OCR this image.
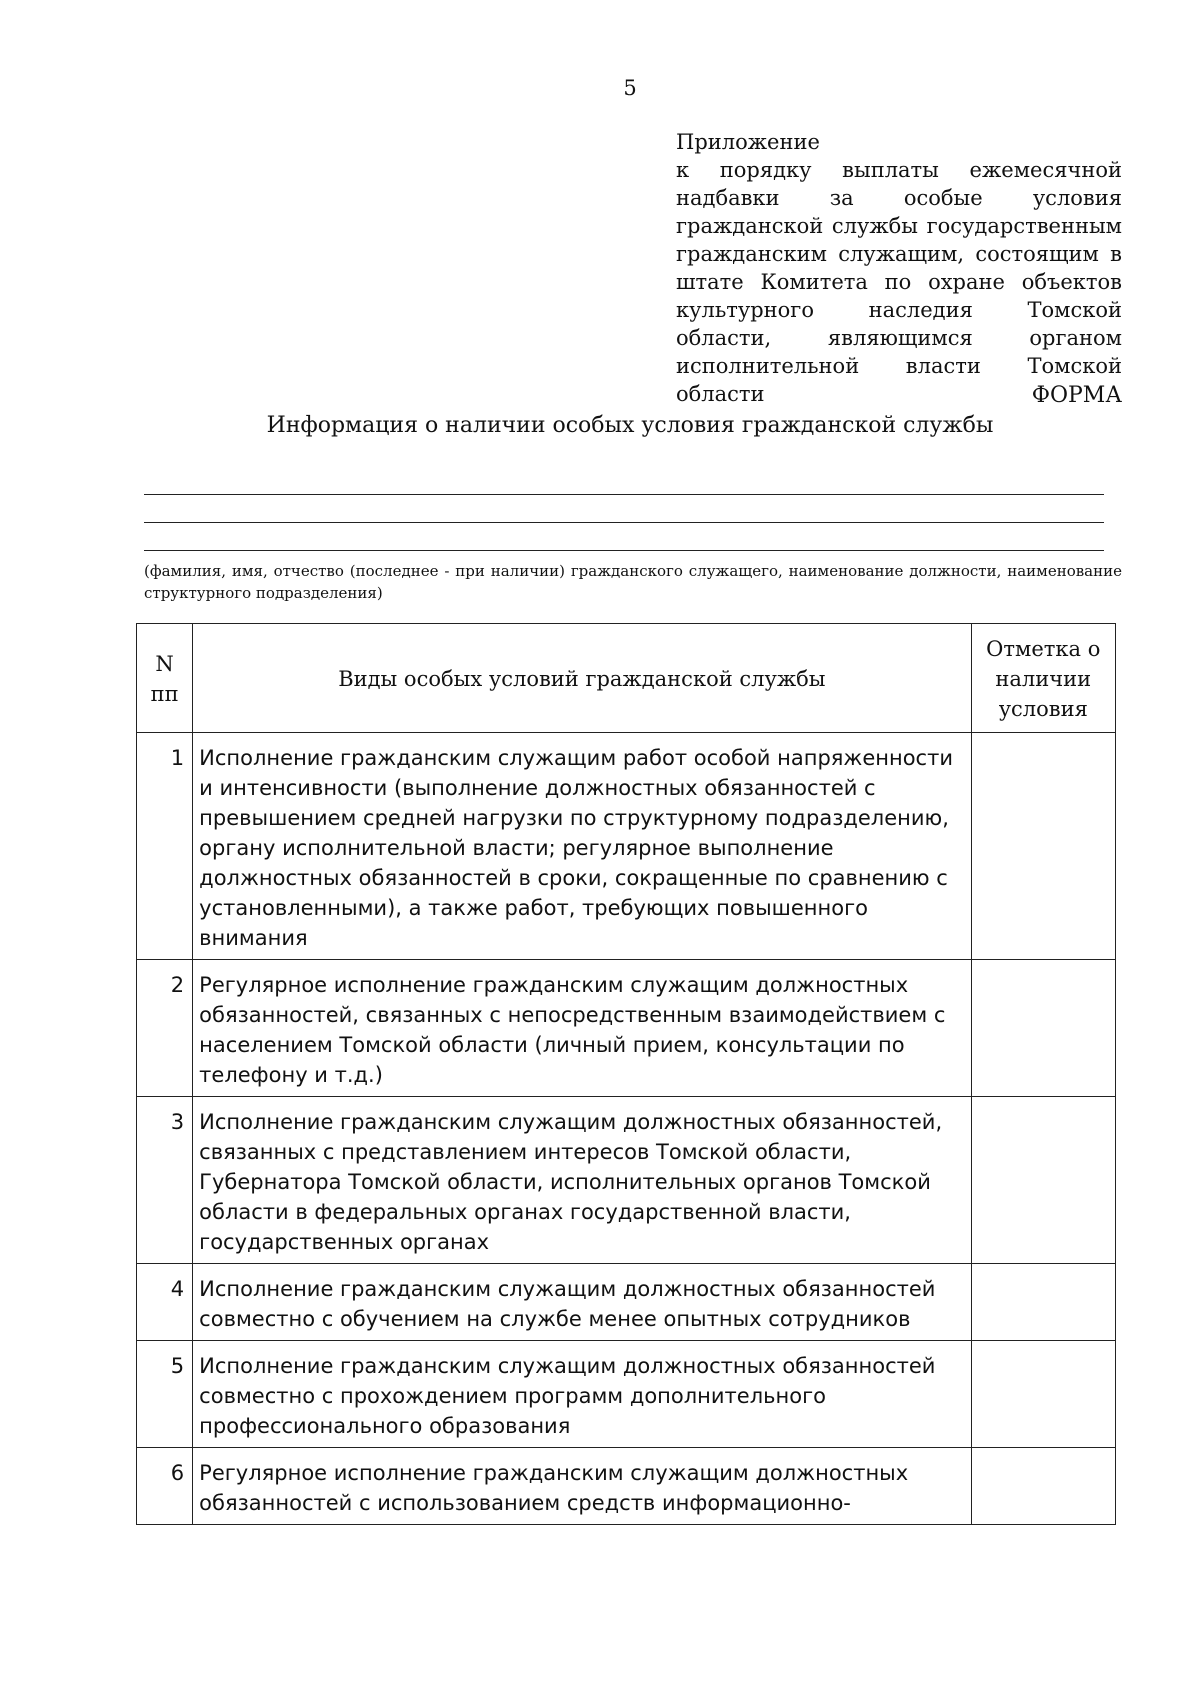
5
Приложение
к порядку выплаты ежемесячной надбавки за особые условия гражданской службы государственным гражданским служащим, состоящим в штате Комитета по охране объектов культурного наследия Томской области, являющимся органом исполнительной власти Томской области	ФОРМА
Информация о наличии особых условия гражданской службы
(фамилия, имя, отчество (последнее - при наличии) гражданского служащего, наименование должности, наименование структурного подразделения)
N пп	Виды особых условий гражданской службы	Отметка о наличии условия
1	Исполнение гражданским служащим работ особой напряженности и интенсивности (выполнение должностных обязанностей с превышением средней нагрузки по структурному подразделению, органу исполнительной власти; регулярное выполнение должностных обязанностей в сроки, сокращенные по сравнению с установленными), а также работ, требующих повышенного внимания	
2	Регулярное исполнение гражданским служащим должностных обязанностей, связанных с непосредственным взаимодействием с населением Томской области (личный прием, консультации по телефону и т.д.)	
3	Исполнение гражданским служащим должностных обязанностей, связанных с представлением интересов Томской области, Губернатора Томской области, исполнительных органов Томской области в федеральных органах государственной власти, государственных органах	
4	Исполнение гражданским служащим должностных обязанностей совместно с обучением на службе менее опытных сотрудников	
5	Исполнение гражданским служащим должностных обязанностей совместно с прохождением программ дополнительного профессионального образования	
6	Регулярное исполнение гражданским служащим должностных обязанностей с использованием средств информационно-	
